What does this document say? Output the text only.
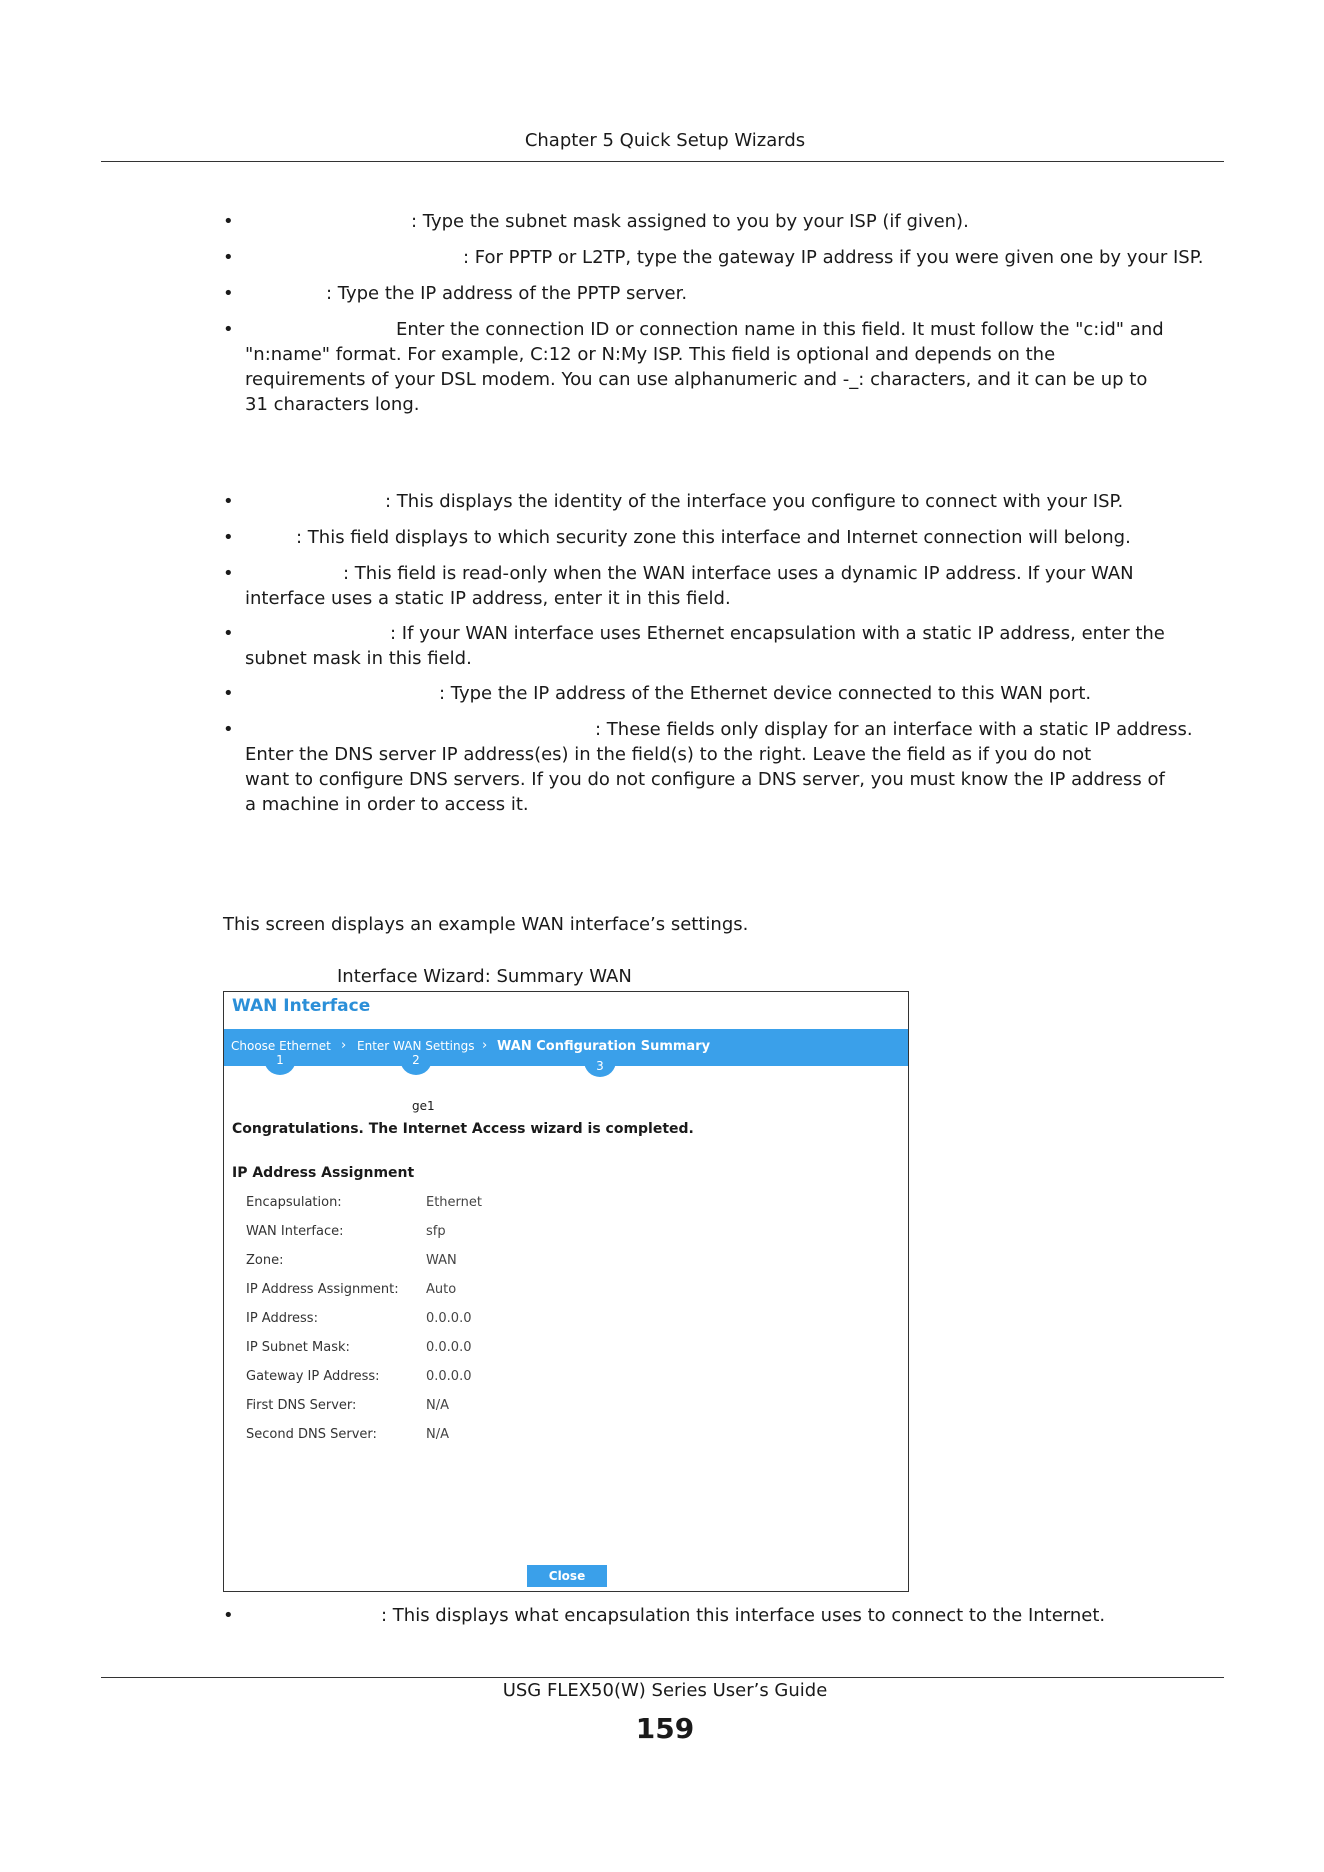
Chapter 5 Quick Setup Wizards
•	: Type the subnet mask assigned to you by your ISP (if given).
•	: For PPTP or L2TP, type the gateway IP address if you were given one by your ISP.
•	: Type the IP address of the PPTP server.
•	Enter the connection ID or connection name in this field. It must follow the "c:id" and
"n:name" format. For example, C:12 or N:My ISP. This field is optional and depends on the
requirements of your DSL modem. You can use alphanumeric and -_: characters, and it can be up to
31 characters long.
•	: This displays the identity of the interface you configure to connect with your ISP.
•	: This field displays to which security zone this interface and Internet connection will belong.
•	: This field is read-only when the WAN interface uses a dynamic IP address. If your WAN
interface uses a static IP address, enter it in this field.
•	: If your WAN interface uses Ethernet encapsulation with a static IP address, enter the
subnet mask in this field.
•	: Type the IP address of the Ethernet device connected to this WAN port.
•	: These fields only display for an interface with a static IP address.
Enter the DNS server IP address(es) in the field(s) to the right. Leave the field as if you do not
want to configure DNS servers. If you do not configure a DNS server, you must know the IP address of
a machine in order to access it.
This screen displays an example WAN interface’s settings.
Interface Wizard: Summary WAN
WAN Interface
Choose Ethernet › Enter WAN Settings › WAN Configuration Summary
1	2	3
ge1
Congratulations. The Internet Access wizard is completed.
IP Address Assignment
Encapsulation:	Ethernet
WAN Interface:	sfp
Zone:	WAN
IP Address Assignment: Auto
IP Address:	0.0.0.0
IP Subnet Mask:	0.0.0.0
Gateway IP Address:	0.0.0.0
First DNS Server:	N/A
Second DNS Server:	N/A
Close
•	: This displays what encapsulation this interface uses to connect to the Internet.
USG FLEX50(W) Series User’s Guide
159
